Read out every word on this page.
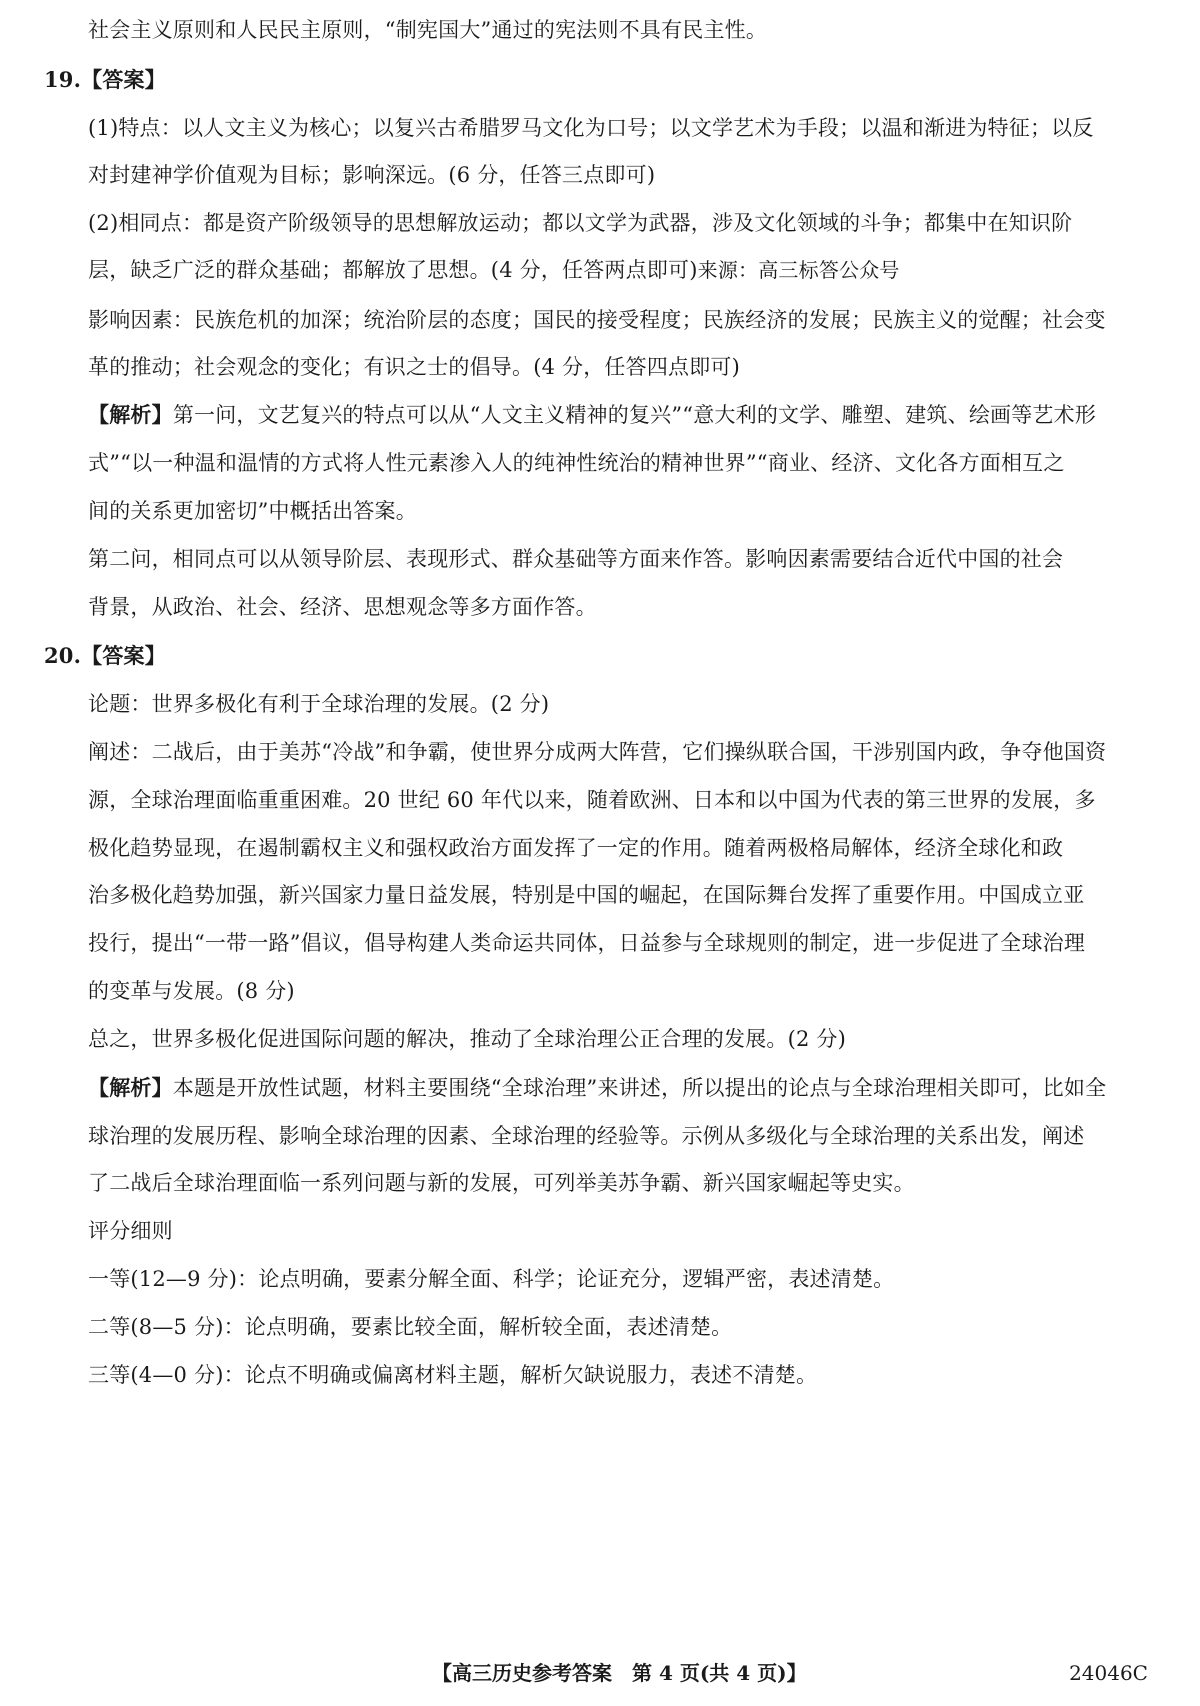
社会主义原则和人民民主原则，“制宪国大”通过的宪法则不具有民主性。
19.【答案】
(1)特点：以人文主义为核心；以复兴古希腊罗马文化为口号；以文学艺术为手段；以温和渐进为特征；以反
对封建神学价值观为目标；影响深远。(6 分，任答三点即可)
(2)相同点：都是资产阶级领导的思想解放运动；都以文学为武器，涉及文化领域的斗争；都集中在知识阶
层，缺乏广泛的群众基础；都解放了思想。(4 分，任答两点即可)来源：高三标答公众号
影响因素：民族危机的加深；统治阶层的态度；国民的接受程度；民族经济的发展；民族主义的觉醒；社会变
革的推动；社会观念的变化；有识之士的倡导。(4 分，任答四点即可)
【解析】第一问，文艺复兴的特点可以从“人文主义精神的复兴”“意大利的文学、雕塑、建筑、绘画等艺术形
式”“以一种温和温情的方式将人性元素渗入人的纯神性统治的精神世界”“商业、经济、文化各方面相互之
间的关系更加密切”中概括出答案。
第二问，相同点可以从领导阶层、表现形式、群众基础等方面来作答。影响因素需要结合近代中国的社会
背景，从政治、社会、经济、思想观念等多方面作答。
20.【答案】
论题：世界多极化有利于全球治理的发展。(2 分)
阐述：二战后，由于美苏“冷战”和争霸，使世界分成两大阵营，它们操纵联合国，干涉别国内政，争夺他国资
源，全球治理面临重重困难。20 世纪 60 年代以来，随着欧洲、日本和以中国为代表的第三世界的发展，多
极化趋势显现，在遏制霸权主义和强权政治方面发挥了一定的作用。随着两极格局解体，经济全球化和政
治多极化趋势加强，新兴国家力量日益发展，特别是中国的崛起，在国际舞台发挥了重要作用。中国成立亚
投行，提出“一带一路”倡议，倡导构建人类命运共同体，日益参与全球规则的制定，进一步促进了全球治理
的变革与发展。(8 分)
总之，世界多极化促进国际问题的解决，推动了全球治理公正合理的发展。(2 分)
【解析】本题是开放性试题，材料主要围绕“全球治理”来讲述，所以提出的论点与全球治理相关即可，比如全
球治理的发展历程、影响全球治理的因素、全球治理的经验等。示例从多级化与全球治理的关系出发，阐述
了二战后全球治理面临一系列问题与新的发展，可列举美苏争霸、新兴国家崛起等史实。
评分细则
一等(12—9 分)：论点明确，要素分解全面、科学；论证充分，逻辑严密，表述清楚。
二等(8—5 分)：论点明确，要素比较全面，解析较全面，表述清楚。
三等(4—0 分)：论点不明确或偏离材料主题，解析欠缺说服力，表述不清楚。
【高三历史参考答案　第 4 页(共 4 页)】	24046C
